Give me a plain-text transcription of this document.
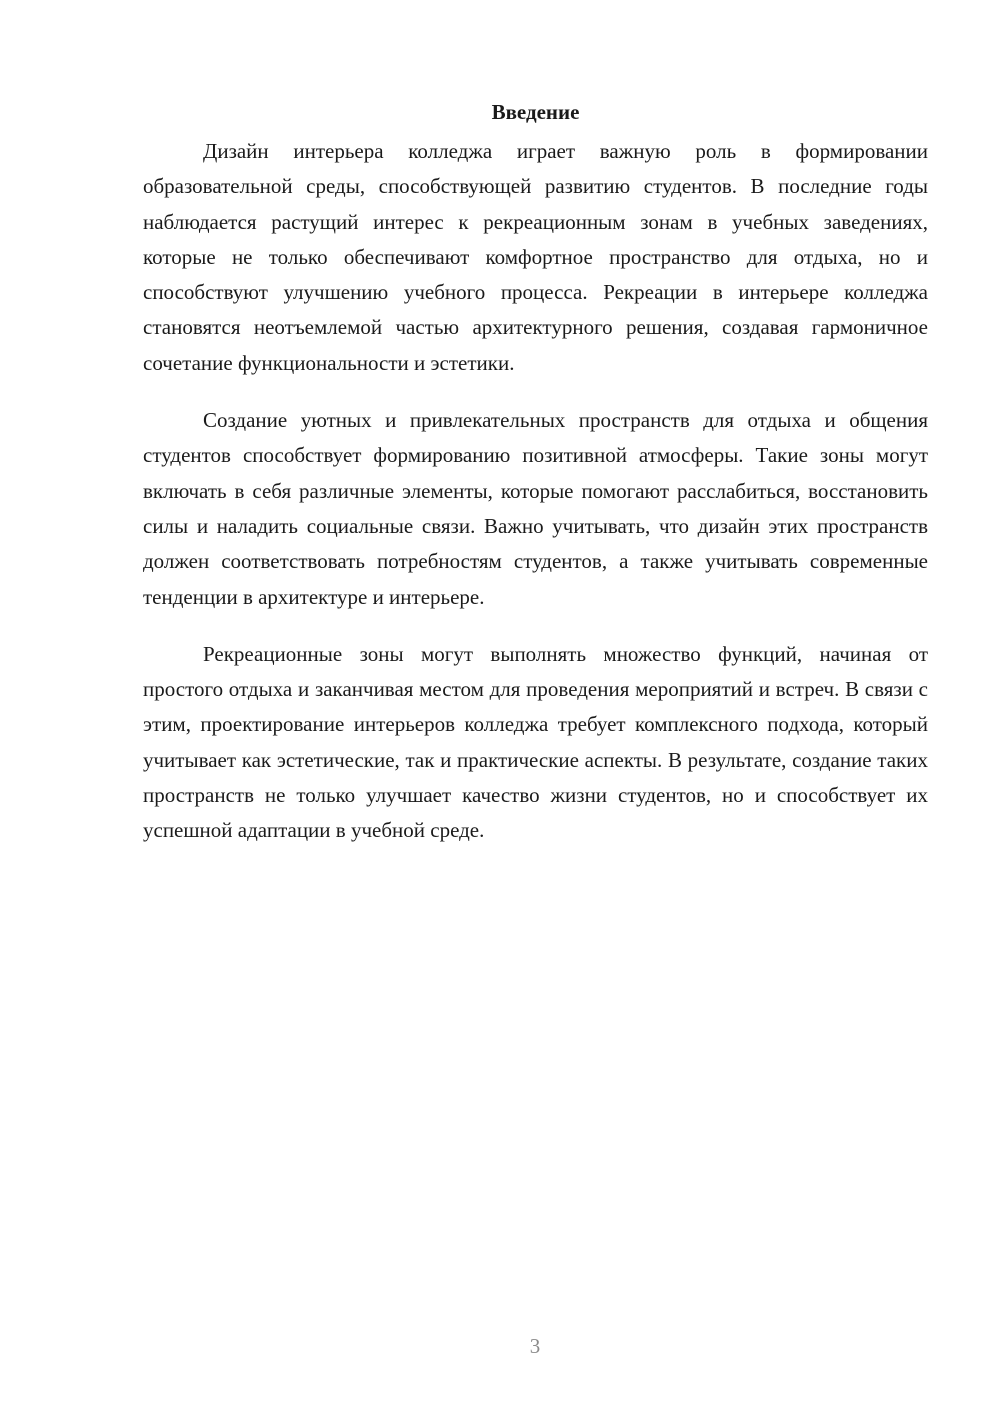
Введение

Дизайн интерьера колледжа играет важную роль в формировании образовательной среды, способствующей развитию студентов. В последние годы наблюдается растущий интерес к рекреационным зонам в учебных заведениях, которые не только обеспечивают комфортное пространство для отдыха, но и способствуют улучшению учебного процесса. Рекреации в интерьере колледжа становятся неотъемлемой частью архитектурного решения, создавая гармоничное сочетание функциональности и эстетики.

Создание уютных и привлекательных пространств для отдыха и общения студентов способствует формированию позитивной атмосферы. Такие зоны могут включать в себя различные элементы, которые помогают расслабиться, восстановить силы и наладить социальные связи. Важно учитывать, что дизайн этих пространств должен соответствовать потребностям студентов, а также учитывать современные тенденции в архитектуре и интерьере.

Рекреационные зоны могут выполнять множество функций, начиная от простого отдыха и заканчивая местом для проведения мероприятий и встреч. В связи с этим, проектирование интерьеров колледжа требует комплексного подхода, который учитывает как эстетические, так и практические аспекты. В результате, создание таких пространств не только улучшает качество жизни студентов, но и способствует их успешной адаптации в учебной среде.

3
